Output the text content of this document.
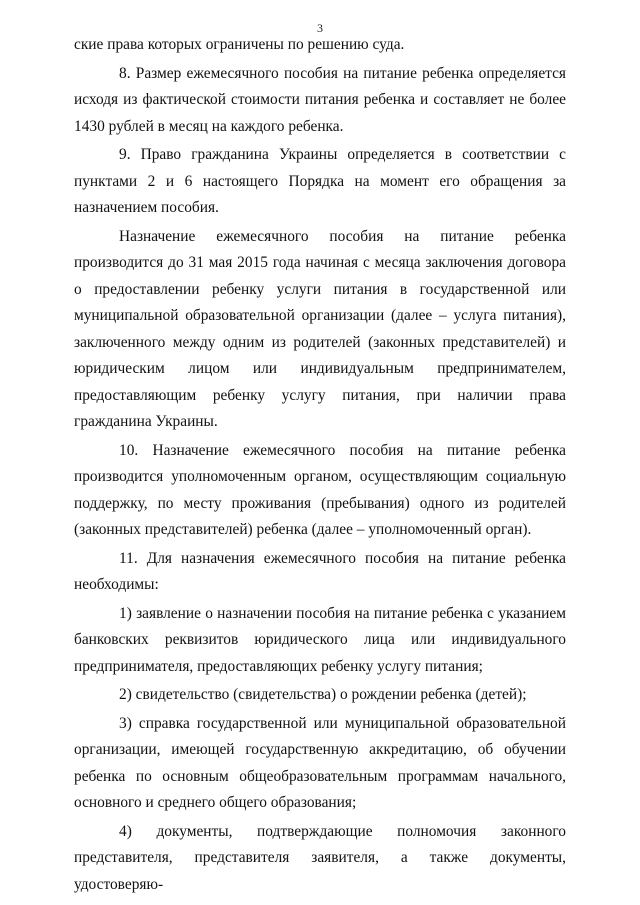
3

ские права которых ограничены по решению суда.

8. Размер ежемесячного пособия на питание ребенка определяется исходя из фактической стоимости питания ребенка и составляет не более 1430 рублей в месяц на каждого ребенка.

9. Право гражданина Украины определяется в соответствии с пунктами 2 и 6 настоящего Порядка на момент его обращения за назначением пособия.

Назначение ежемесячного пособия на питание ребенка производится до 31 мая 2015 года начиная с месяца заключения договора о предоставлении ребенку услуги питания в государственной или муниципальной образовательной организации (далее – услуга питания), заключенного между одним из родителей (законных представителей) и юридическим лицом или индивидуальным предпринимателем, предоставляющим ребенку услугу питания, при наличии права гражданина Украины.

10. Назначение ежемесячного пособия на питание ребенка производится уполномоченным органом, осуществляющим социальную поддержку, по месту проживания (пребывания) одного из родителей (законных представителей) ребенка (далее – уполномоченный орган).

11. Для назначения ежемесячного пособия на питание ребенка необходимы:

1) заявление о назначении пособия на питание ребенка с указанием банковских реквизитов юридического лица или индивидуального предпринимателя, предоставляющих ребенку услугу питания;

2) свидетельство (свидетельства) о рождении ребенка (детей);

3) справка государственной или муниципальной образовательной организации, имеющей государственную аккредитацию, об обучении ребенка по основным общеобразовательным программам начального, основного и среднего общего образования;

4) документы, подтверждающие полномочия законного представителя, представителя заявителя, а также документы, удостоверяю-
